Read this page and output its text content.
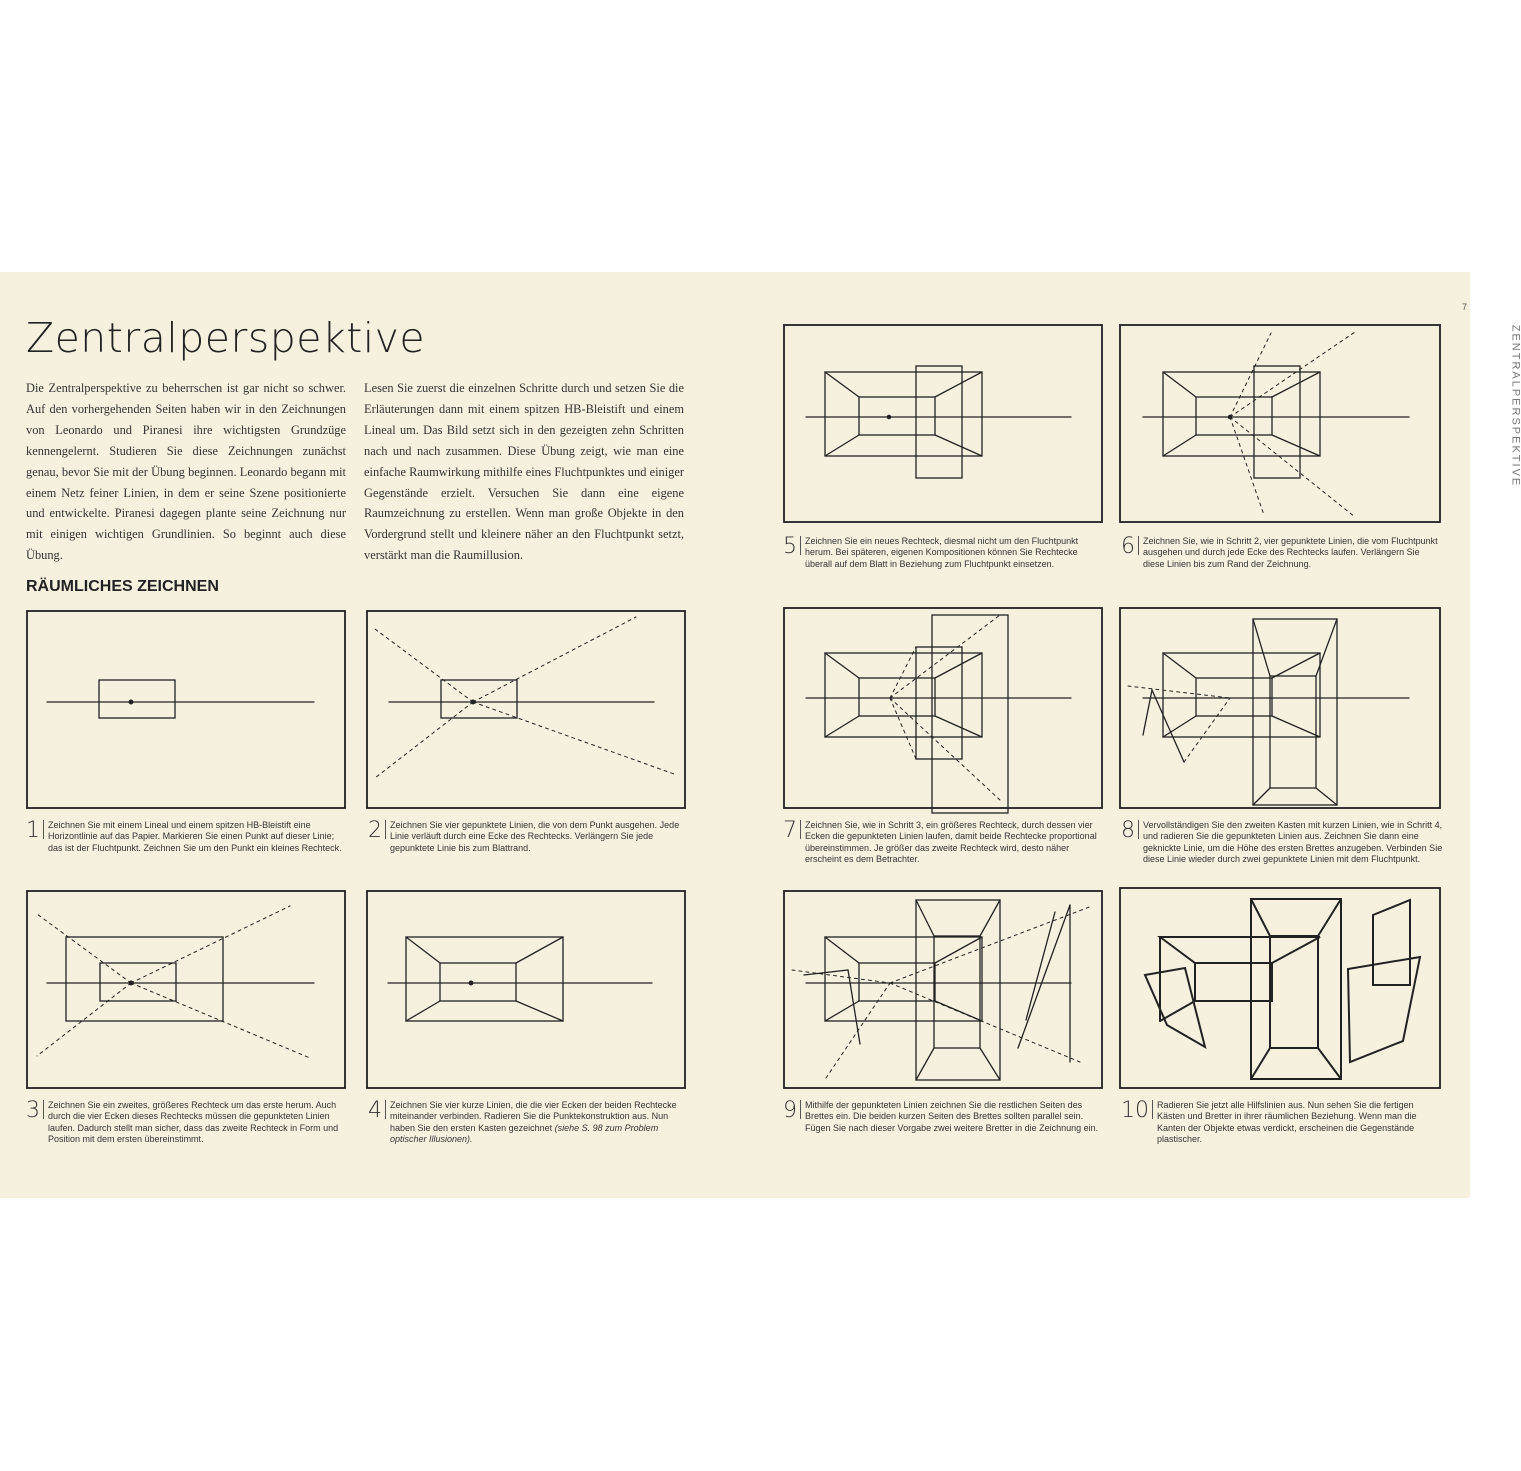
Zentralperspektive

Die Zentralperspektive zu beherrschen ist gar nicht so schwer. Auf den vorhergehenden Seiten haben wir in den Zeichnungen von Leonardo und Piranesi ihre wichtigsten Grundzüge kennengelernt. Studieren Sie diese Zeichnungen zunächst genau, bevor Sie mit der Übung beginnen. Leonardo begann mit einem Netz feiner Linien, in dem er seine Szene positionierte und entwickelte. Piranesi dagegen plante seine Zeichnung nur mit einigen wichtigen Grundlinien. So beginnt auch diese Übung.

Lesen Sie zuerst die einzelnen Schritte durch und setzen Sie die Erläuterungen dann mit einem spitzen HB-Bleistift und einem Lineal um. Das Bild setzt sich in den gezeigten zehn Schritten nach und nach zusammen. Diese Übung zeigt, wie man eine einfache Raumwirkung mithilfe eines Fluchtpunktes und einiger Gegenstände erzielt. Versuchen Sie dann eine eigene Raumzeichnung zu erstellen. Wenn man große Objekte in den Vordergrund stellt und kleinere näher an den Fluchtpunkt setzt, verstärkt man die Raumillusion.

RÄUMLICHES ZEICHNEN
7
ZENTRALPERSPEKTIVE
1 Zeichnen Sie mit einem Lineal und einem spitzen HB-Bleistift eine Horizontlinie auf das Papier. Markieren Sie einen Punkt auf dieser Linie; das ist der Fluchtpunkt. Zeichnen Sie um den Punkt ein kleines Rechteck.

2 Zeichnen Sie vier gepunktete Linien, die von dem Punkt ausgehen. Jede Linie verläuft durch eine Ecke des Rechtecks. Verlängern Sie jede gepunktete Linie bis zum Blattrand.

3 Zeichnen Sie ein zweites, größeres Rechteck um das erste herum. Auch durch die vier Ecken dieses Rechtecks müssen die gepunkteten Linien laufen. Dadurch stellt man sicher, dass das zweite Rechteck in Form und Position mit dem ersten übereinstimmt.

4 Zeichnen Sie vier kurze Linien, die die vier Ecken der beiden Rechtecke miteinander verbinden. Radieren Sie die Punktekonstruktion aus. Nun haben Sie den ersten Kasten gezeichnet (siehe S. 98 zum Problem optischer Illusionen).

5 Zeichnen Sie ein neues Rechteck, diesmal nicht um den Fluchtpunkt herum. Bei späteren, eigenen Kompositionen können Sie Rechtecke überall auf dem Blatt in Beziehung zum Fluchtpunkt einsetzen.

6 Zeichnen Sie, wie in Schritt 2, vier gepunktete Linien, die vom Fluchtpunkt ausgehen und durch jede Ecke des Rechtecks laufen. Verlängern Sie diese Linien bis zum Rand der Zeichnung.

7 Zeichnen Sie, wie in Schritt 3, ein größeres Rechteck, durch dessen vier Ecken die gepunkteten Linien laufen, damit beide Rechtecke proportional übereinstimmen. Je größer das zweite Rechteck wird, desto näher erscheint es dem Betrachter.

8 Vervollständigen Sie den zweiten Kasten mit kurzen Linien, wie in Schritt 4, und radieren Sie die gepunkteten Linien aus. Zeichnen Sie dann eine geknickte Linie, um die Höhe des ersten Brettes anzugeben. Verbinden Sie diese Linie wieder durch zwei gepunktete Linien mit dem Fluchtpunkt.

9 Mithilfe der gepunkteten Linien zeichnen Sie die restlichen Seiten des Brettes ein. Die beiden kurzen Seiten des Brettes sollten parallel sein. Fügen Sie nach dieser Vorgabe zwei weitere Bretter in die Zeichnung ein.

10 Radieren Sie jetzt alle Hilfslinien aus. Nun sehen Sie die fertigen Kästen und Bretter in ihrer räumlichen Beziehung. Wenn man die Kanten der Objekte etwas verdickt, erscheinen die Gegenstände plastischer.
